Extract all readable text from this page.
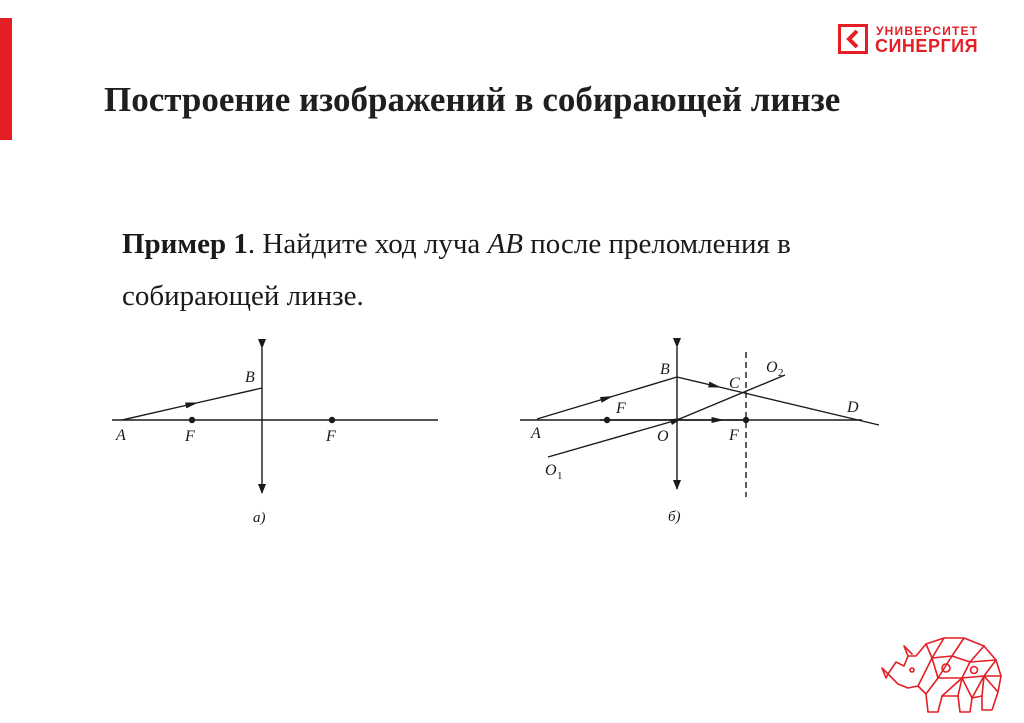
УНИВЕРСИТЕТ
СИНЕРГИЯ
Построение изображений в собирающей линзе

Пример 1. Найдите ход луча AB после преломления в собирающей линзе.

A
B
F	F
а)
A
B
C
D
F
F
O
O 1
O 2
б)
